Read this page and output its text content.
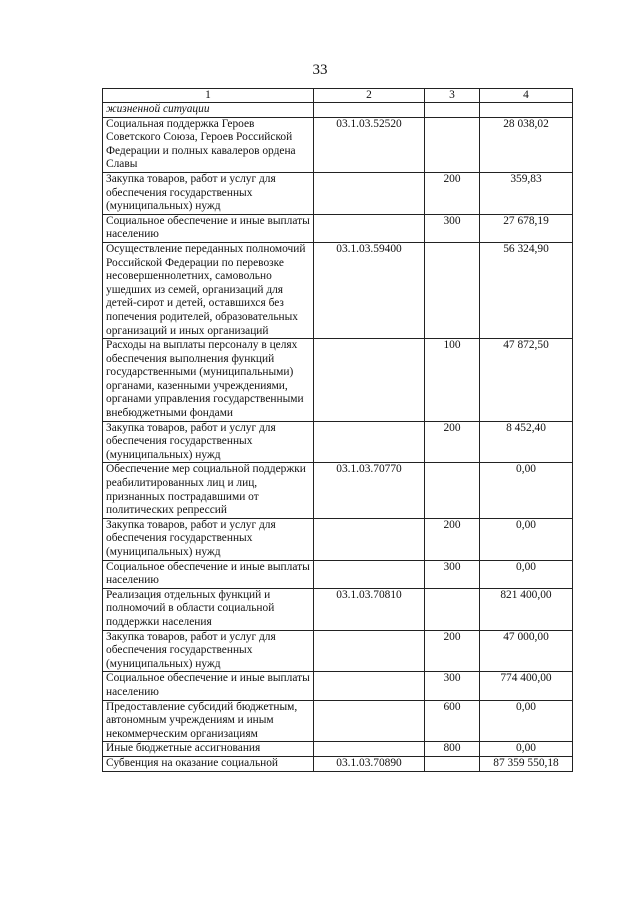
33
1	2	3	4
жизненной ситуации			
Социальная поддержка Героев Советского Союза, Героев Российской Федерации и полных кавалеров ордена Славы	03.1.03.52520		28 038,02
Закупка товаров, работ и услуг для обеспечения государственных (муниципальных) нужд		200	359,83
Социальное обеспечение и иные выплаты населению		300	27 678,19
Осуществление переданных полномочий Российской Федерации по перевозке несовершеннолетних, самовольно ушедших из семей, организаций для детей-сирот и детей, оставшихся без попечения родителей, образовательных организаций и иных организаций	03.1.03.59400		56 324,90
Расходы на выплаты персоналу в целях обеспечения выполнения функций государственными (муниципальными) органами, казенными учреждениями, органами управления государственными внебюджетными фондами		100	47 872,50
Закупка товаров, работ и услуг для обеспечения государственных (муниципальных) нужд		200	8 452,40
Обеспечение мер социальной поддержки реабилитированных лиц и лиц, признанных пострадавшими от политических репрессий	03.1.03.70770		0,00
Закупка товаров, работ и услуг для обеспечения государственных (муниципальных) нужд		200	0,00
Социальное обеспечение и иные выплаты населению		300	0,00
Реализация отдельных функций и полномочий в области социальной поддержки населения	03.1.03.70810		821 400,00
Закупка товаров, работ и услуг для обеспечения государственных (муниципальных) нужд		200	47 000,00
Социальное обеспечение и иные выплаты населению		300	774 400,00
Предоставление субсидий бюджетным, автономным учреждениям и иным некоммерческим организациям		600	0,00
Иные бюджетные ассигнования		800	0,00
Субвенция на оказание социальной	03.1.03.70890		87 359 550,18
